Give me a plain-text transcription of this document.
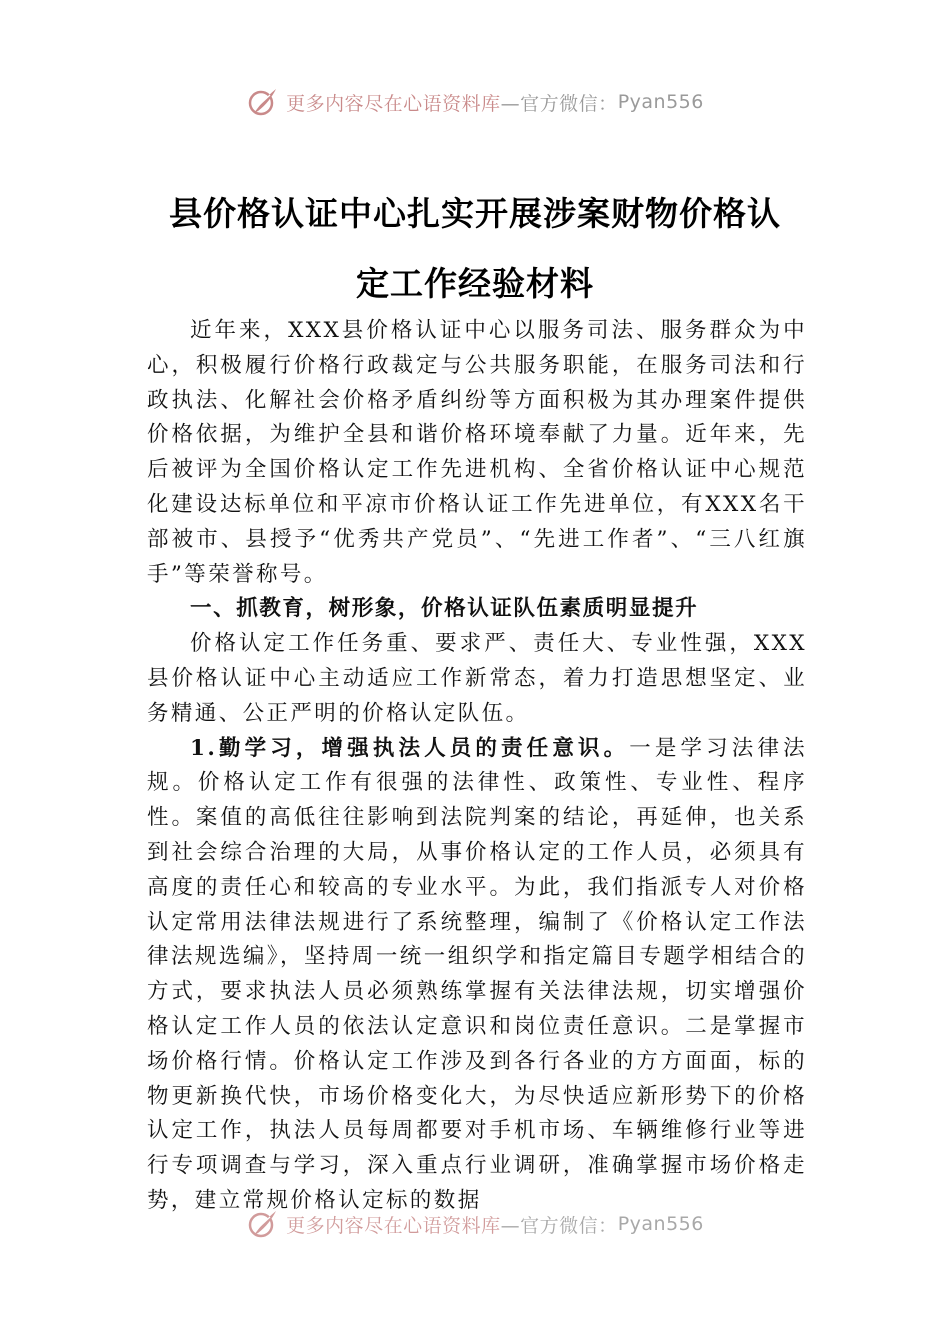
更多内容尽在心语资料库 —官方微信： Pyan556
县价格认证中心扎实开展涉案财物价格认
定工作经验材料

近年来，XXX县价格认证中心以服务司法、服务群众为中心，积极履行价格行政裁定与公共服务职能，在服务司法和行政执法、化解社会价格矛盾纠纷等方面积极为其办理案件提供价格依据，为维护全县和谐价格环境奉献了力量。近年来，先后被评为全国价格认定工作先进机构、全省价格认证中心规范化建设达标单位和平凉市价格认证工作先进单位，有XXX名干部被市、县授予“优秀共产党员”、“先进工作者”、“三八红旗手”等荣誉称号。

一、抓教育，树形象，价格认证队伍素质明显提升

价格认定工作任务重、要求严、责任大、专业性强，XXX县价格认证中心主动适应工作新常态，着力打造思想坚定、业务精通、公正严明的价格认定队伍。

1.勤学习，增强执法人员的责任意识。一是学习法律法规。价格认定工作有很强的法律性、政策性、专业性、程序性。案值的高低往往影响到法院判案的结论，再延伸，也关系到社会综合治理的大局，从事价格认定的工作人员，必须具有高度的责任心和较高的专业水平。为此，我们指派专人对价格认定常用法律法规进行了系统整理，编制了《价格认定工作法律法规选编》，坚持周一统一组织学和指定篇目专题学相结合的方式，要求执法人员必须熟练掌握有关法律法规，切实增强价格认定工作人员的依法认定意识和岗位责任意识。二是掌握市场价格行情。价格认定工作涉及到各行各业的方方面面，标的物更新换代快，市场价格变化大，为尽快适应新形势下的价格认定工作，执法人员每周都要对手机市场、车辆维修行业等进行专项调查与学习，深入重点行业调研，准确掌握市场价格走势，建立常规价格认定标的数据

更多内容尽在心语资料库 —官方微信： Pyan556
